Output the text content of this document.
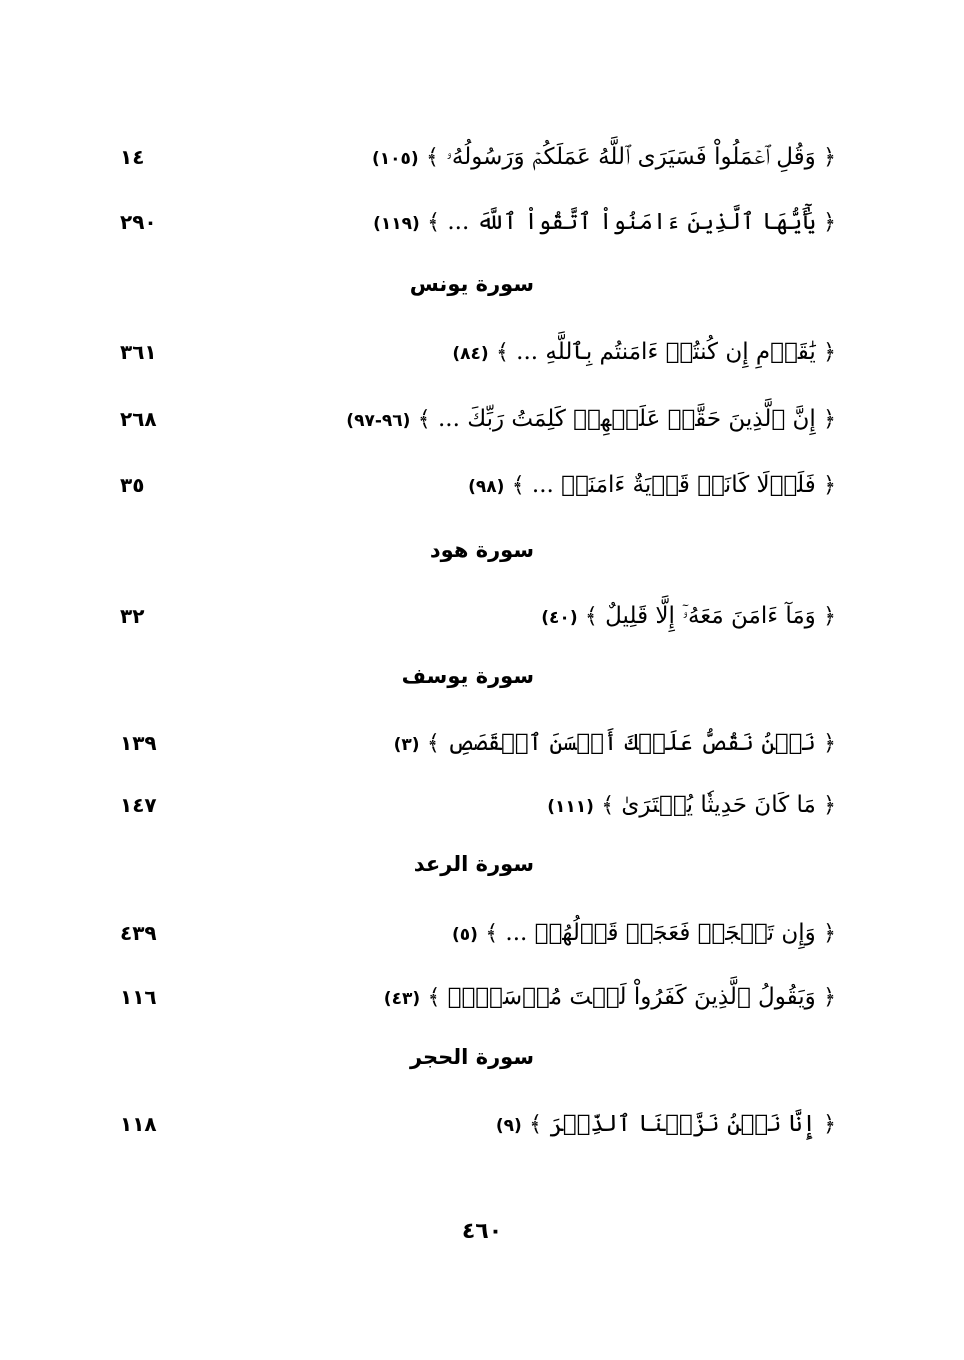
﴿ وَقُلِ ٱعۡمَلُواْ فَسَيَرَى ٱللَّهُ عَمَلَكُمۡ وَرَسُولُهُۥ ﴾ (١٠٥)
١٤
﴿ يَٰٓأَيُّهَا ٱلَّذِينَ ءَامَنُواْ ٱتَّقُواْ ٱللَّهَ ... ﴾ (١١٩)
٢٩٠
سورة يونس
﴿ يَٰقَوۡمِ إِن كُنتُمۡ ءَامَنتُم بِٱللَّهِ ... ﴾ (٨٤)
٣٦١
﴿ إِنَّ ٱلَّذِينَ حَقَّتۡ عَلَيۡهِمۡ كَلِمَتُ رَبِّكَ ... ﴾ (٩٦-٩٧)
٢٦٨
﴿ فَلَوۡلَا كَانَتۡ قَرۡيَةٌ ءَامَنَتۡ ... ﴾ (٩٨)
٣٥
سورة هود
﴿ وَمَآ ءَامَنَ مَعَهُۥٓ إِلَّا قَلِيلٌ ﴾ (٤٠)
٣٢
سورة يوسف
﴿ نَحۡنُ نَقُصُّ عَلَيۡكَ أَحۡسَنَ ٱلۡقَصَصِ ﴾ (٣)
١٣٩
﴿ مَا كَانَ حَدِيثٗا يُفۡتَرَىٰ ﴾ (١١١)
١٤٧
سورة الرعد
﴿ وَإِن تَعۡجَبۡ فَعَجَبٞ قَوۡلُهُمۡ ... ﴾ (٥)
٤٣٩
﴿ وَيَقُولُ ٱلَّذِينَ كَفَرُواْ لَسۡتَ مُرۡسَلٗاۚ ﴾ (٤٣)
١١٦
سورة الحجر
﴿ إِنَّا نَحۡنُ نَزَّلۡنَا ٱلذِّكۡرَ ﴾ (٩)
١١٨
٤٦٠
